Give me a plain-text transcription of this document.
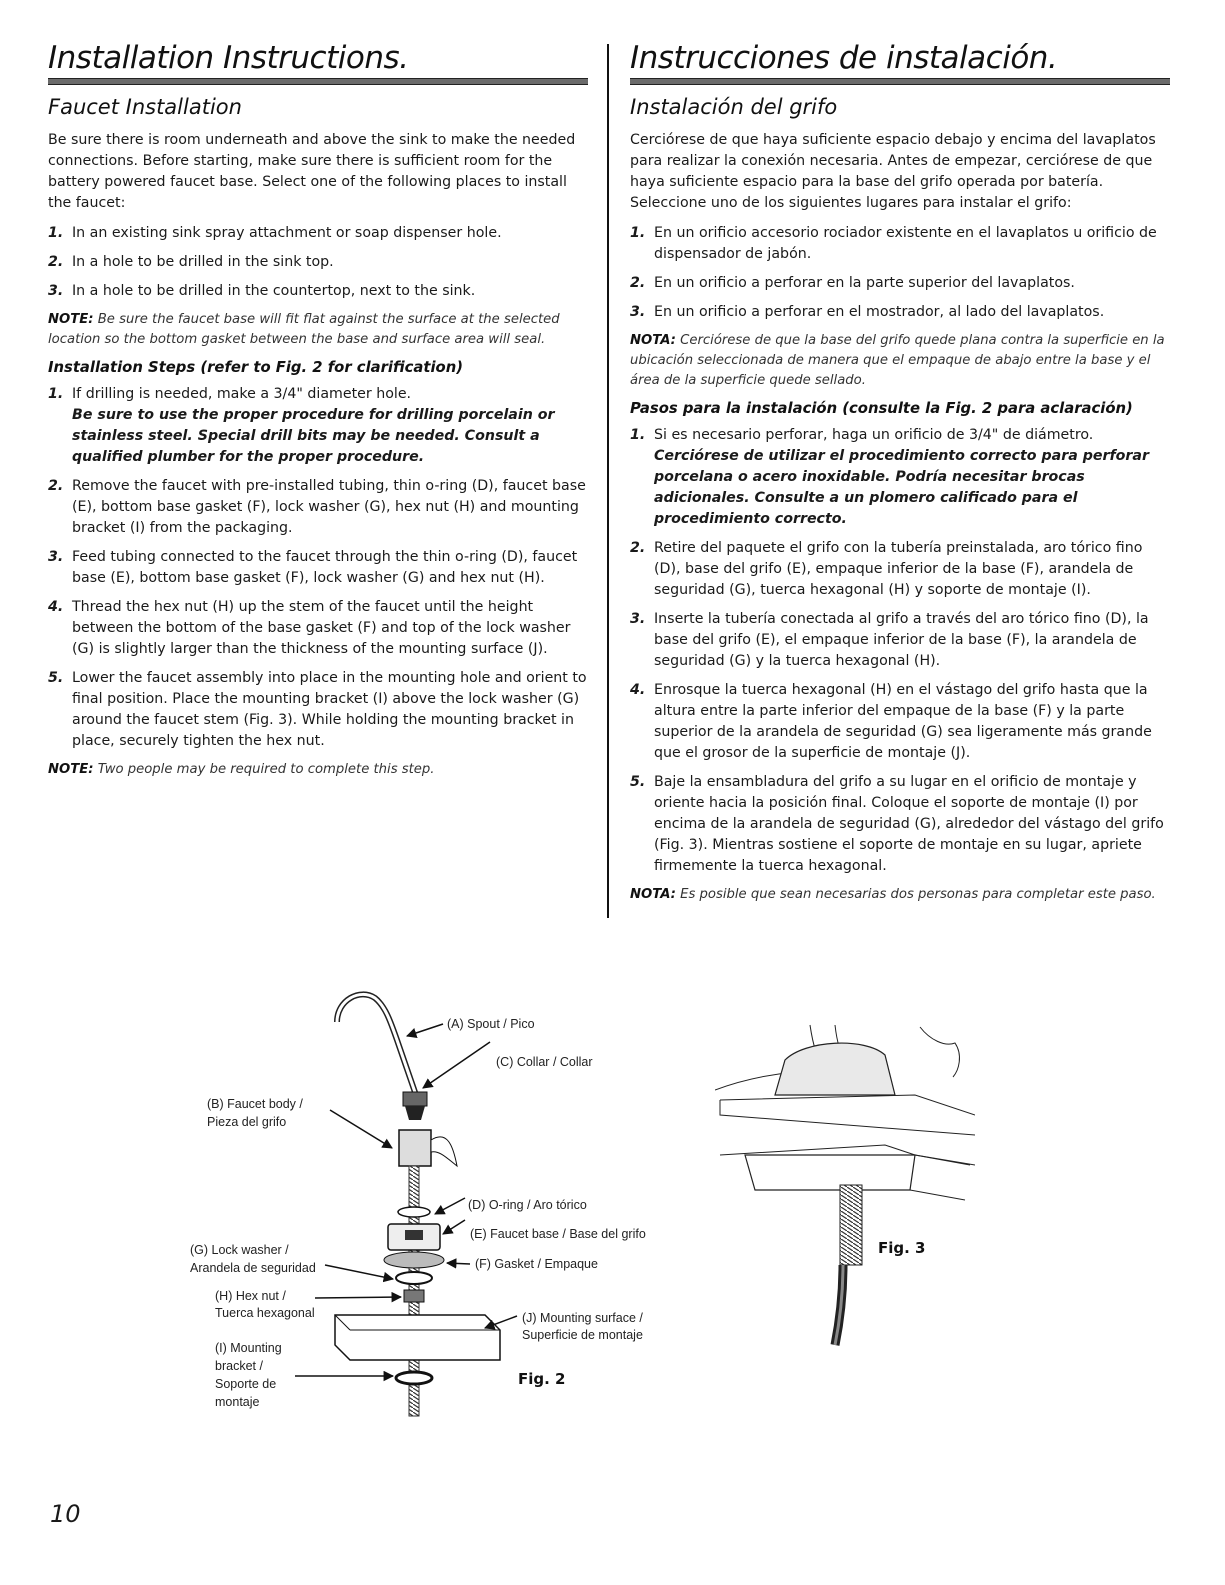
Installation Instructions.
Faucet Installation

Be sure there is room underneath and above the sink to make the needed connections. Before starting, make sure there is sufficient room for the battery powered faucet base. Select one of the following places to install the faucet:

1. In an existing sink spray attachment or soap dispenser hole.
2. In a hole to be drilled in the sink top.
3. In a hole to be drilled in the countertop, next to the sink.

NOTE: Be sure the faucet base will fit flat against the surface at the selected location so the bottom gasket between the base and surface area will seal.

Installation Steps (refer to Fig. 2 for clarification)
1. If drilling is needed, make a 3/4" diameter hole.
Be sure to use the proper procedure for drilling porcelain or stainless steel. Special drill bits may be needed. Consult a qualified plumber for the proper procedure.
2. Remove the faucet with pre-installed tubing, thin o-ring (D), faucet base (E), bottom base gasket (F), lock washer (G), hex nut (H) and mounting bracket (I) from the packaging.
3. Feed tubing connected to the faucet through the thin o-ring (D), faucet base (E), bottom base gasket (F), lock washer (G) and hex nut (H).
4. Thread the hex nut (H) up the stem of the faucet until the height between the bottom of the base gasket (F) and top of the lock washer (G) is slightly larger than the thickness of the mounting surface (J).
5. Lower the faucet assembly into place in the mounting hole and orient to final position. Place the mounting bracket (I) above the lock washer (G) around the faucet stem (Fig. 3). While holding the mounting bracket in place, securely tighten the hex nut.

NOTE: Two people may be required to complete this step.

Instrucciones de instalación.
Instalación del grifo

Cerciórese de que haya suficiente espacio debajo y encima del lavaplatos para realizar la conexión necesaria. Antes de empezar, cerciórese de que haya suficiente espacio para la base del grifo operada por batería. Seleccione uno de los siguientes lugares para instalar el grifo:

1. En un orificio accesorio rociador existente en el lavaplatos u orificio de dispensador de jabón.
2. En un orificio a perforar en la parte superior del lavaplatos.
3. En un orificio a perforar en el mostrador, al lado del lavaplatos.

NOTA: Cerciórese de que la base del grifo quede plana contra la superficie en la ubicación seleccionada de manera que el empaque de abajo entre la base y el área de la superficie quede sellado.

Pasos para la instalación (consulte la Fig. 2 para aclaración)
1. Si es necesario perforar, haga un orificio de 3/4" de diámetro.
Cerciórese de utilizar el procedimiento correcto para perforar porcelana o acero inoxidable. Podría necesitar brocas adicionales. Consulte a un plomero calificado para el procedimiento correcto.
2. Retire del paquete el grifo con la tubería preinstalada, aro tórico fino (D), base del grifo (E), empaque inferior de la base (F), arandela de seguridad (G), tuerca hexagonal (H) y soporte de montaje (I).
3. Inserte la tubería conectada al grifo a través del aro tórico fino (D), la base del grifo (E), el empaque inferior de la base (F), la arandela de seguridad (G) y la tuerca hexagonal (H).
4. Enrosque la tuerca hexagonal (H) en el vástago del grifo hasta que la altura entre la parte inferior del empaque de la base (F) y la parte superior de la arandela de seguridad (G) sea ligeramente más grande que el grosor de la superficie de montaje (J).
5. Baje la ensambladura del grifo a su lugar en el orificio de montaje y oriente hacia la posición final. Coloque el soporte de montaje (I) por encima de la arandela de seguridad (G), alrededor del vástago del grifo (Fig. 3). Mientras sostiene el soporte de montaje en su lugar, apriete firmemente la tuerca hexagonal.

NOTA: Es posible que sean necesarias dos personas para completar este paso.

(A) Spout / Pico
(C) Collar / Collar
(B) Faucet body /
Pieza del grifo
(D) O-ring / Aro tórico
(E) Faucet base / Base del grifo
(F) Gasket / Empaque
(G) Lock washer /
Arandela de seguridad
(H) Hex nut /
Tuerca hexagonal
(I) Mounting
bracket /
Soporte de
montaje
(J) Mounting surface /
Superficie de montaje
Fig. 2
Fig. 3
10
